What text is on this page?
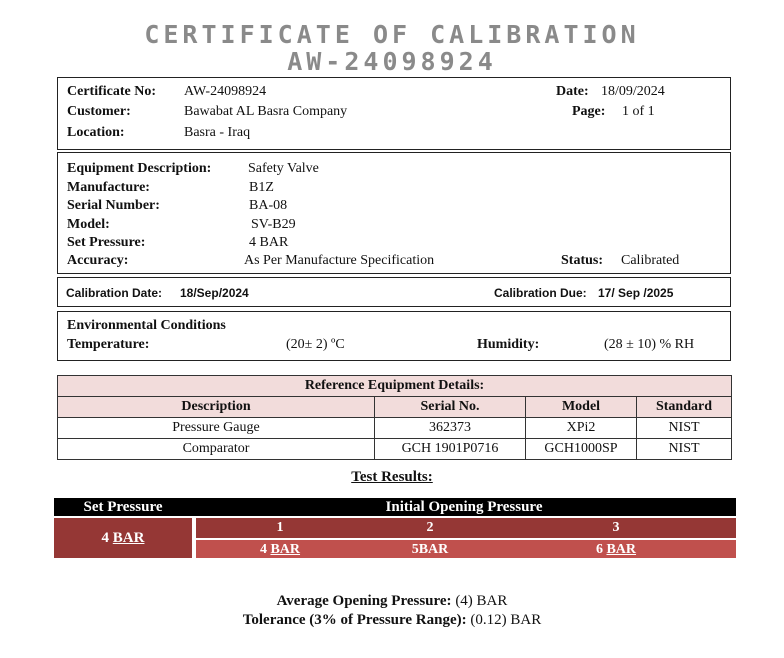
CERTIFICATE OF CALIBRATION
AW-24098924
Certificate No: AW-24098924
Customer:	Bawabat AL Basra Company
Location:	Basra - Iraq
Date: 18/09/2024
Page: 1 of 1
Equipment Description:	Safety Valve
Manufacture:	B1Z
Serial Number:	BA-08
Model:	SV-B29
Set Pressure:	4 BAR
Accuracy:	As Per Manufacture Specification	Status: Calibrated
Calibration Date: 18/Sep/2024	Calibration Due: 17/ Sep /2025
Environmental Conditions
Temperature:	(20± 2) ºC	Humidity:	(28 ± 10) % RH
Reference Equipment Details:			
Description	Serial No.	Model	Standard
Pressure Gauge	362373	XPi2	NIST
Comparator	GCH 1901P0716	GCH1000SP	NIST
Test Results:
Set Pressure	Initial Opening Pressure
4 BAR
1	2	3
4 BAR	5BAR	6 BAR
Average Opening Pressure: (4) BAR
Tolerance (3% of Pressure Range): (0.12) BAR
